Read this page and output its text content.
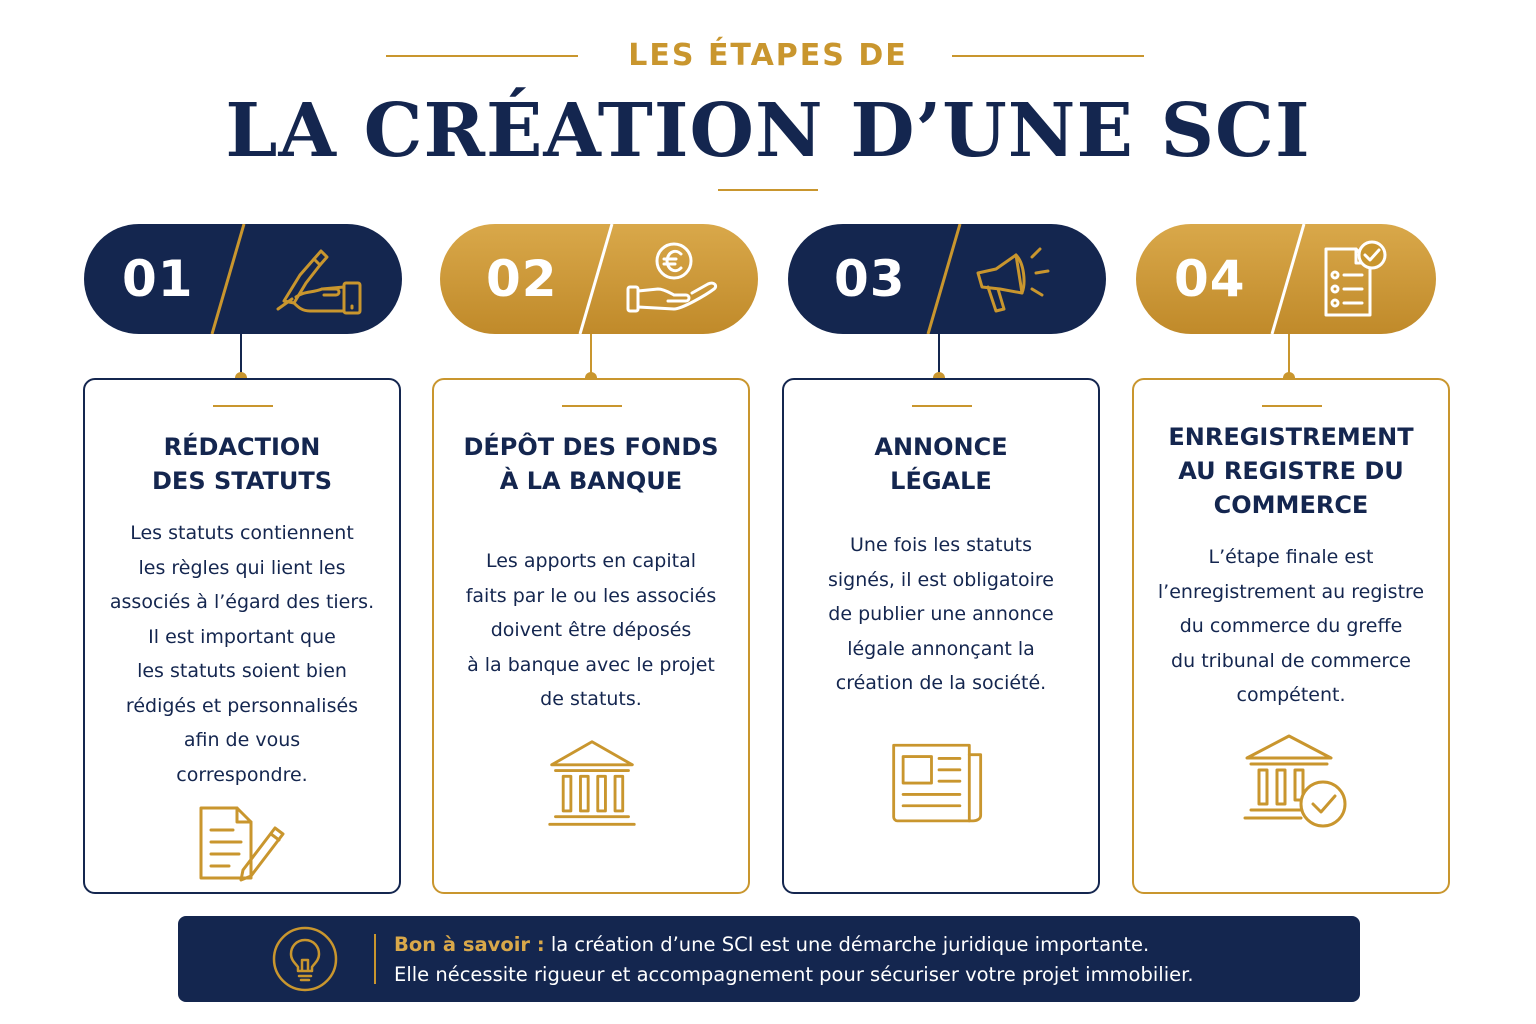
LES ÉTAPES DE
LA CRÉATION D’UNE SCI
01	02	03	04
RÉDACTION
DES STATUTS
Les statuts contiennent
les règles qui lient les
associés à l’égard des tiers.
Il est important que
les statuts soient bien
rédigés et personnalisés
afin de vous
correspondre.
DÉPÔT DES FONDS
À LA BANQUE
Les apports en capital
faits par le ou les associés
doivent être déposés
à la banque avec le projet
de statuts.
ANNONCE
LÉGALE
Une fois les statuts
signés, il est obligatoire
de publier une annonce
légale annonçant la
création de la société.
ENREGISTREMENT
AU REGISTRE DU
COMMERCE
L’étape finale est
l’enregistrement au registre
du commerce du greffe
du tribunal de commerce
compétent.
Bon à savoir : la création d’une SCI est une démarche juridique importante.
Elle nécessite rigueur et accompagnement pour sécuriser votre projet immobilier.
